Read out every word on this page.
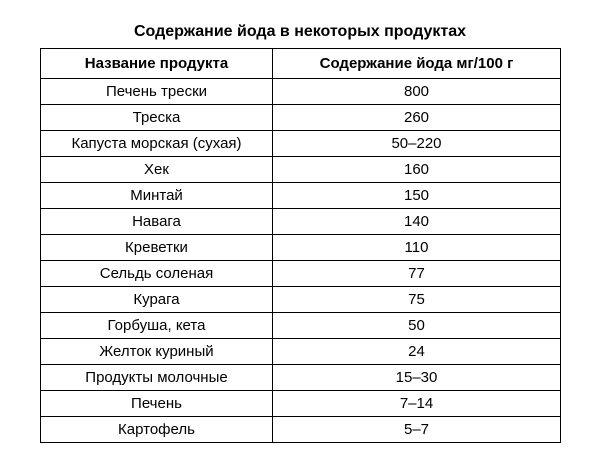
Содержание йода в некоторых продуктах
Название продукта	Содержание йода мг/100 г
Печень трески	800
Треска	260
Капуста морская (сухая)	50–220
Хек	160
Минтай	150
Навага	140
Креветки	110
Сельдь соленая	77
Курага	75
Горбуша, кета	50
Желток куриный	24
Продукты молочные	15–30
Печень	7–14
Картофель	5–7
